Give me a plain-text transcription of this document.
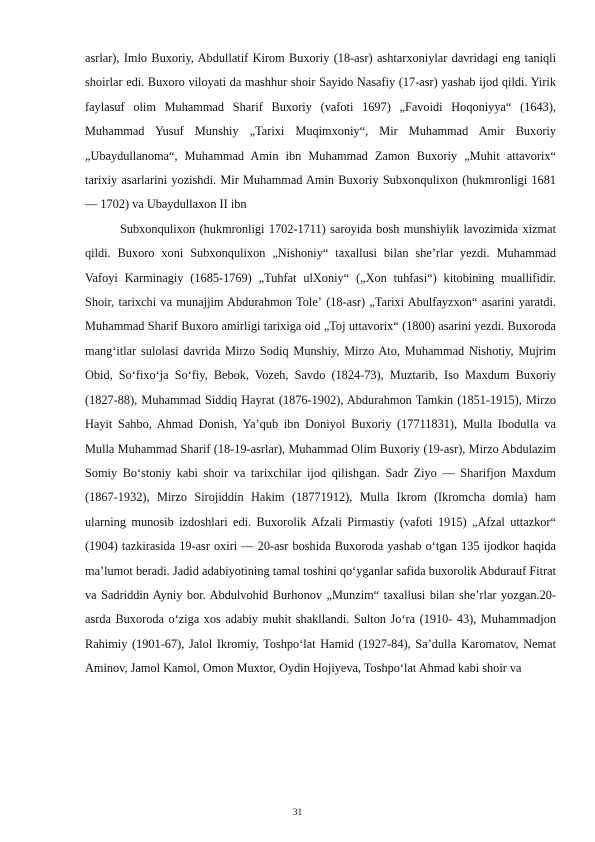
asrlar), Imlo Buxoriy, Abdullatif Kirom Buxoriy (18-asr) ashtarxoniylar davridagi eng taniqli shoirlar edi. Buxoro viloyati da mashhur shoir Sayido Nasafiy (17-asr) yashab ijod qildi. Yirik faylasuf olim Muhammad Sharif Buxoriy (vafoti 1697) „Favoidi Hoqoniyya“ (1643), Muhammad Yusuf Munshiy „Tarixi Muqimxoniy“, Mir Muhammad Amir Buxoriy „Ubaydullanoma“, Muhammad Amin ibn Muhammad Zamon Buxoriy „Muhit attavorix“ tarixiy asarlarini yozishdi. Mir Muhammad Amin Buxoriy Subxonqulixon (hukmronligi 1681 — 1702) va Ubaydullaxon II ibn

Subxonqulixon (hukmronligi 1702-1711) saroyida bosh munshiylik lavozimida xizmat qildi. Buxoro xoni Subxonqulixon „Nishoniy“ taxallusi bilan sheʼrlar yezdi. Muhammad Vafoyi Karminagiy (1685-1769) „Tuhfat ulXoniy“ („Xon tuhfasi“) kitobining muallifidir. Shoir, tarixchi va munajjim Abdurahmon Toleʼ (18-asr) „Tarixi Abulfayzxon“ asarini yaratdi. Muhammad Sharif Buxoro amirligi tarixiga oid „Toj uttavorix“ (1800) asarini yezdi. Buxoroda mangʻitlar sulolasi davrida Mirzo Sodiq Munshiy, Mirzo Ato, Muhammad Nishotiy, Mujrim Obid, Soʻfixoʻja Soʻfiy, Bebok, Vozeh, Savdo (1824-73), Muztarib, Iso Maxdum Buxoriy (1827-88), Muhammad Siddiq Hayrat (1876-1902), Abdurahmon Tamkin (1851-1915), Mirzo Hayit Sahbo, Ahmad Donish, Yaʼqub ibn Doniyol Buxoriy (17711831), Mulla Ibodulla va Mulla Muhammad Sharif (18-19-asrlar), Muhammad Olim Buxoriy (19-asr), Mirzo Abdulazim Somiy Boʻstoniy kabi shoir va tarixchilar ijod qilishgan. Sadr Ziyo — Sharifjon Maxdum (1867-1932), Mirzo Sirojiddin Hakim (18771912), Mulla Ikrom (Ikromcha domla) ham ularning munosib izdoshlari edi. Buxorolik Afzali Pirmastiy (vafoti 1915) „Afzal uttazkor“ (1904) tazkirasida 19-asr oxiri — 20-asr boshida Buxoroda yashab oʻtgan 135 ijodkor haqida maʼlumot beradi. Jadid adabiyotining tamal toshini qoʻyganlar safida buxorolik Abdurauf Fitrat va Sadriddin Ayniy bor. Abdulvohid Burhonov „Munzim“ taxallusi bilan sheʼrlar yozgan.20-asrda Buxoroda oʻziga xos adabiy muhit shakllandi. Sulton Joʻra (1910- 43), Muhammadjon Rahimiy (1901-67), Jalol Ikromiy, Toshpoʻlat Hamid (1927-84), Saʼdulla Karomatov, Nemat Aminov, Jamol Kamol, Omon Muxtor, Oydin Hojiyeva, Toshpoʻlat Ahmad kabi shoir va

31
